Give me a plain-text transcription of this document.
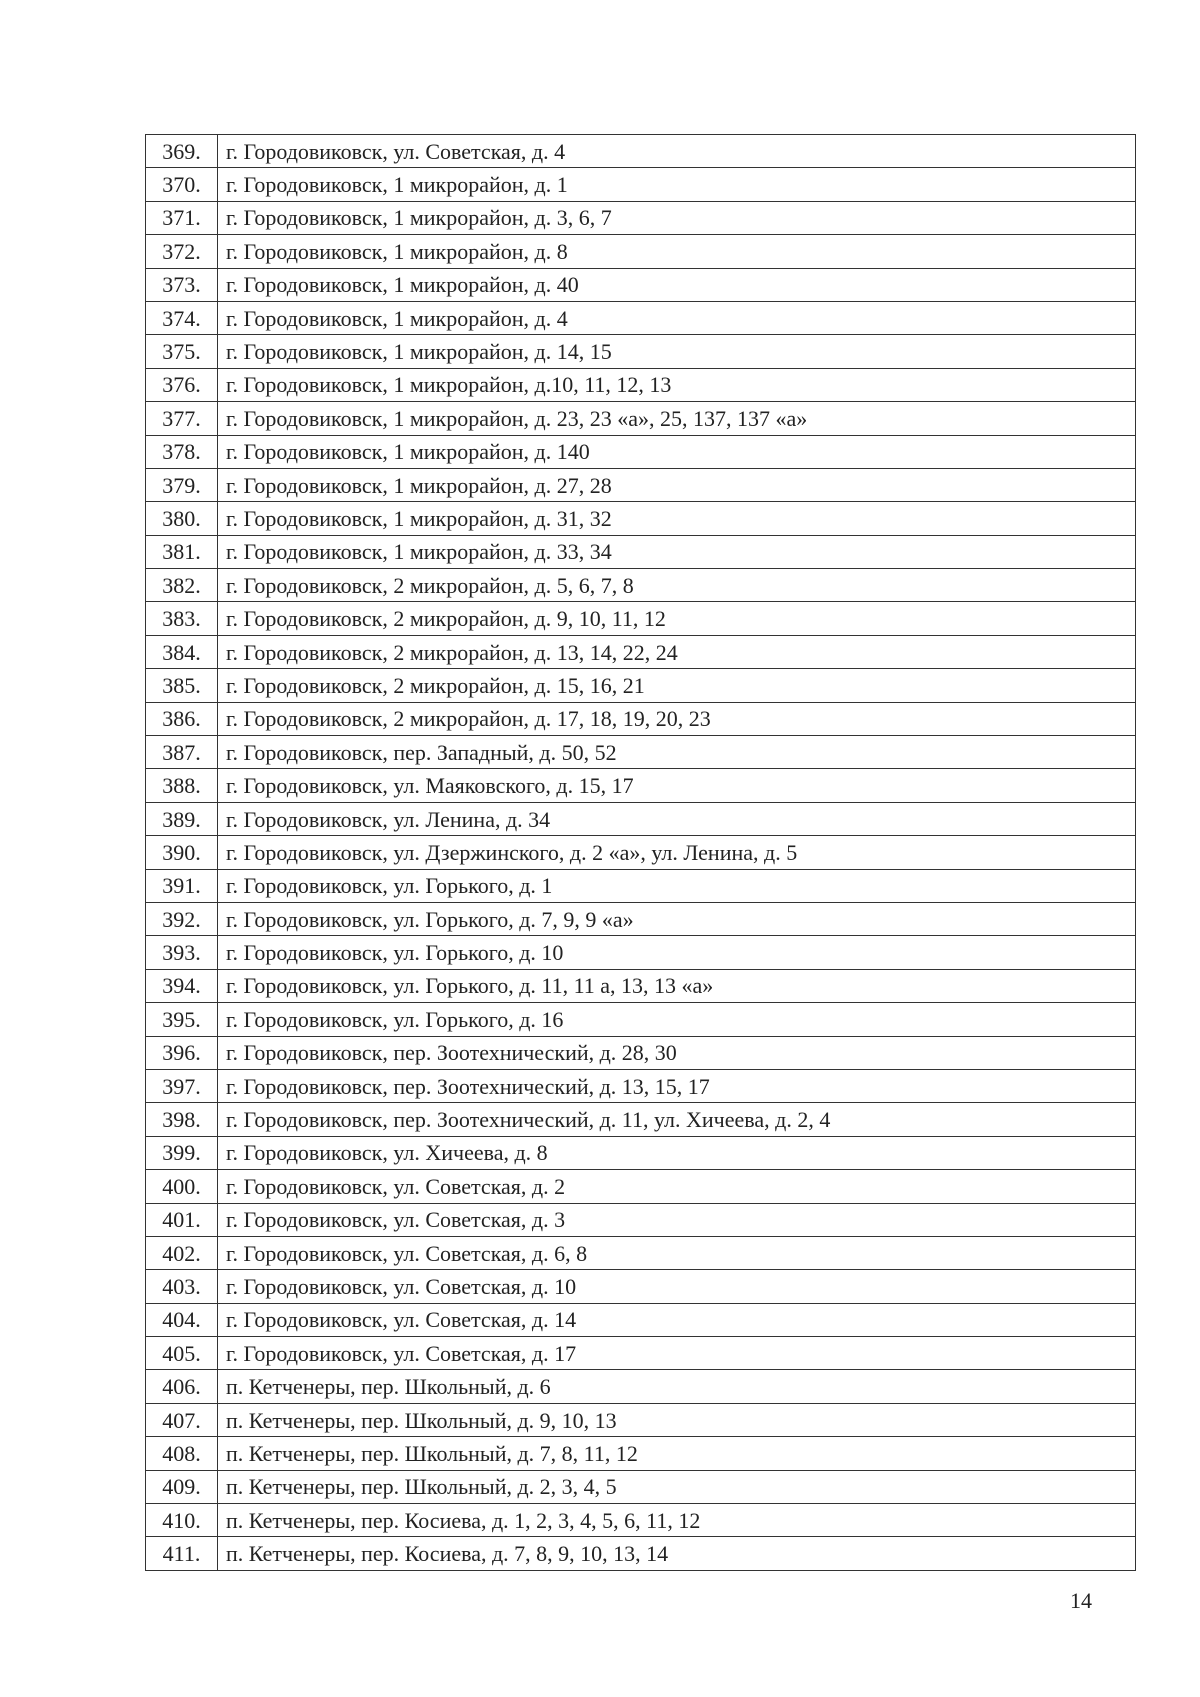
369.	г. Городовиковск, ул. Советская, д. 4
370.	г. Городовиковск, 1 микрорайон, д. 1
371.	г. Городовиковск, 1 микрорайон, д. 3, 6, 7
372.	г. Городовиковск, 1 микрорайон, д. 8
373.	г. Городовиковск, 1 микрорайон, д. 40
374.	г. Городовиковск, 1 микрорайон, д. 4
375.	г. Городовиковск, 1 микрорайон, д. 14, 15
376.	г. Городовиковск, 1 микрорайон, д.10, 11, 12, 13
377.	г. Городовиковск, 1 микрорайон, д. 23, 23 «а», 25, 137, 137 «а»
378.	г. Городовиковск, 1 микрорайон, д. 140
379.	г. Городовиковск, 1 микрорайон, д. 27, 28
380.	г. Городовиковск, 1 микрорайон, д. 31, 32
381.	г. Городовиковск, 1 микрорайон, д. 33, 34
382.	г. Городовиковск, 2 микрорайон, д. 5, 6, 7, 8
383.	г. Городовиковск, 2 микрорайон, д. 9, 10, 11, 12
384.	г. Городовиковск, 2 микрорайон, д. 13, 14, 22, 24
385.	г. Городовиковск, 2 микрорайон, д. 15, 16, 21
386.	г. Городовиковск, 2 микрорайон, д. 17, 18, 19, 20, 23
387.	г. Городовиковск, пер. Западный, д. 50, 52
388.	г. Городовиковск, ул. Маяковского, д. 15, 17
389.	г. Городовиковск, ул. Ленина, д. 34
390.	г. Городовиковск, ул. Дзержинского, д. 2 «а», ул. Ленина, д. 5
391.	г. Городовиковск, ул. Горького, д. 1
392.	г. Городовиковск, ул. Горького, д. 7, 9, 9 «а»
393.	г. Городовиковск, ул. Горького, д. 10
394.	г. Городовиковск, ул. Горького, д. 11, 11 а, 13, 13 «а»
395.	г. Городовиковск, ул. Горького, д. 16
396.	г. Городовиковск, пер. Зоотехнический, д. 28, 30
397.	г. Городовиковск, пер. Зоотехнический, д. 13, 15, 17
398.	г. Городовиковск, пер. Зоотехнический, д. 11, ул. Хичеева, д. 2, 4
399.	г. Городовиковск, ул. Хичеева, д. 8
400.	г. Городовиковск, ул. Советская, д. 2
401.	г. Городовиковск, ул. Советская, д. 3
402.	г. Городовиковск, ул. Советская, д. 6, 8
403.	г. Городовиковск, ул. Советская, д. 10
404.	г. Городовиковск, ул. Советская, д. 14
405.	г. Городовиковск, ул. Советская, д. 17
406.	п. Кетченеры, пер. Школьный, д. 6
407.	п. Кетченеры, пер. Школьный, д. 9, 10, 13
408.	п. Кетченеры, пер. Школьный, д. 7, 8, 11, 12
409.	п. Кетченеры, пер. Школьный, д. 2, 3, 4, 5
410.	п. Кетченеры, пер. Косиева, д. 1, 2, 3, 4, 5, 6, 11, 12
411.	п. Кетченеры, пер. Косиева, д. 7, 8, 9, 10, 13, 14
14
